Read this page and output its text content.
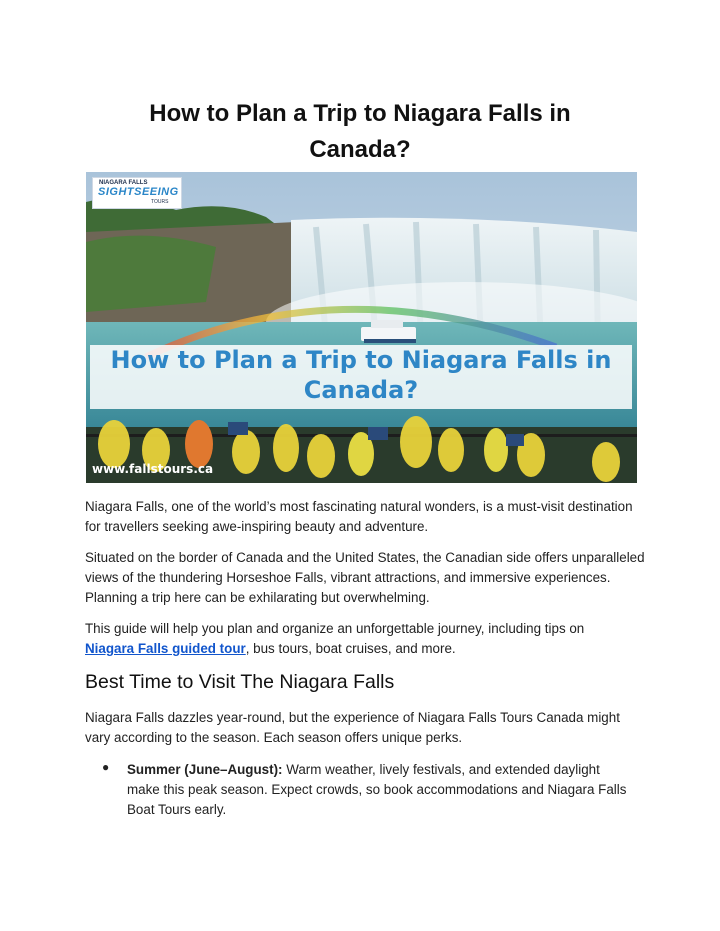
How to Plan a Trip to Niagara Falls in Canada?
NIAGARA FALLS
SIGHTSEEING
TOURS
How to Plan a Trip to Niagara Falls in
Canada?
www.fallstours.ca
Niagara Falls, one of the world’s most fascinating natural wonders, is a must-visit destination for travellers seeking awe-inspiring beauty and adventure.
Situated on the border of Canada and the United States, the Canadian side offers unparalleled views of the thundering Horseshoe Falls, vibrant attractions, and immersive experiences. Planning a trip here can be exhilarating but overwhelming.
This guide will help you plan and organize an unforgettable journey, including tips on
Niagara Falls guided tour, bus tours, boat cruises, and more.
Best Time to Visit The Niagara Falls
Niagara Falls dazzles year-round, but the experience of Niagara Falls Tours Canada might vary according to the season. Each season offers unique perks.
● Summer (June–August): Warm weather, lively festivals, and extended daylight make this peak season. Expect crowds, so book accommodations and Niagara Falls Boat Tours early.
